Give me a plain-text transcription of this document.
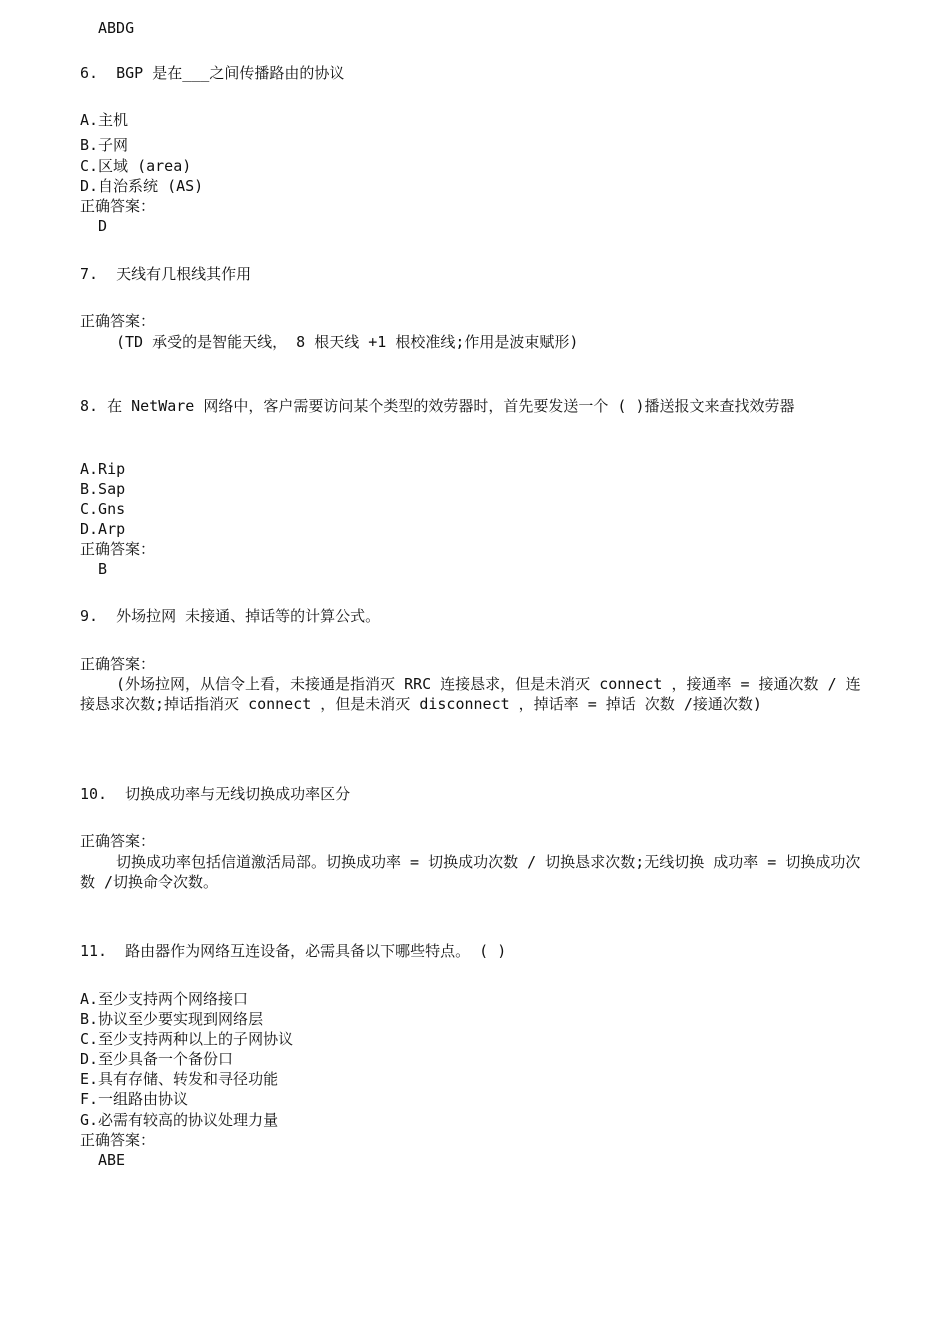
ABDG
6.  BGP 是在___之间传播路由的协议
A.主机
B.子网
C.区域 (area)
D.自治系统 (AS)
正确答案：
D
7.  天线有几根线其作用
正确答案：
(TD 承受的是智能天线， 8 根天线 +1 根校准线;作用是波束赋形)
8. 在 NetWare 网络中，客户需要访问某个类型的效劳器时，首先要发送一个 ( )播送报文来查找效劳器
A.Rip
B.Sap
C.Gns
D.Arp
正确答案：
B
9.  外场拉网 未接通、掉话等的计算公式。
正确答案：
(外场拉网，从信令上看，未接通是指消灭 RRC 连接恳求，但是未消灭 connect ，接通率 = 接通次数 / 连接恳求次数;掉话指消灭 connect ，但是未消灭 disconnect ，掉话率 = 掉话 次数 /接通次数)
10.  切换成功率与无线切换成功率区分
正确答案：
切换成功率包括信道激活局部。切换成功率 = 切换成功次数 / 切换恳求次数;无线切换 成功率 = 切换成功次数 /切换命令次数。
11.  路由器作为网络互连设备，必需具备以下哪些特点。 ( )
A.至少支持两个网络接口
B.协议至少要实现到网络层
C.至少支持两种以上的子网协议
D.至少具备一个备份口
E.具有存储、转发和寻径功能
F.一组路由协议
G.必需有较高的协议处理力量
正确答案：
ABE
